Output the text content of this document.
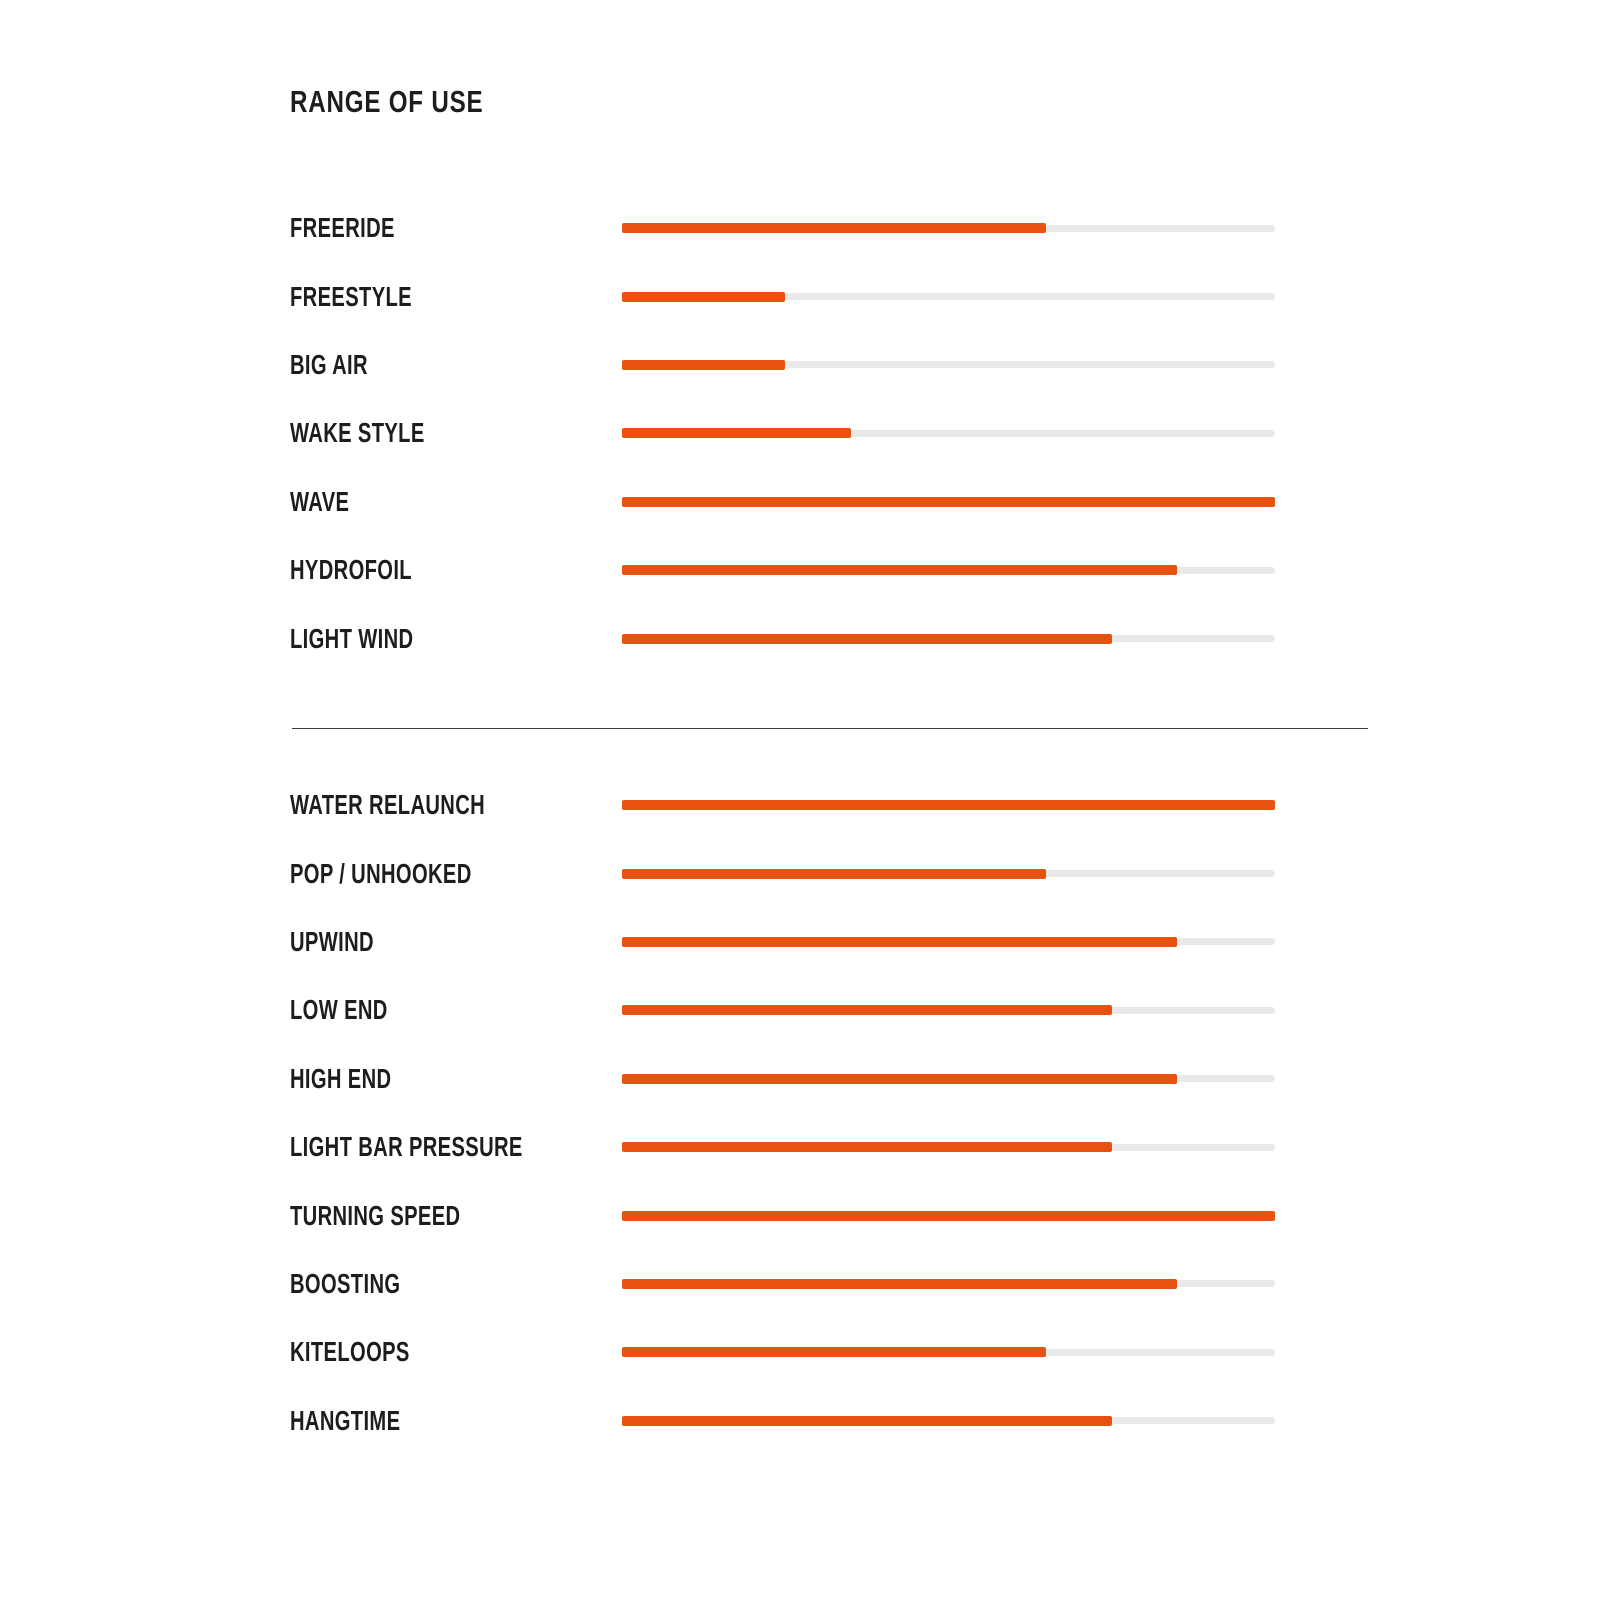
RANGE OF USE
FREERIDE
FREESTYLE
BIG AIR
WAKE STYLE
WAVE
HYDROFOIL
LIGHT WIND
WATER RELAUNCH
POP / UNHOOKED
UPWIND
LOW END
HIGH END
LIGHT BAR PRESSURE
TURNING SPEED
BOOSTING
KITELOOPS
HANGTIME
